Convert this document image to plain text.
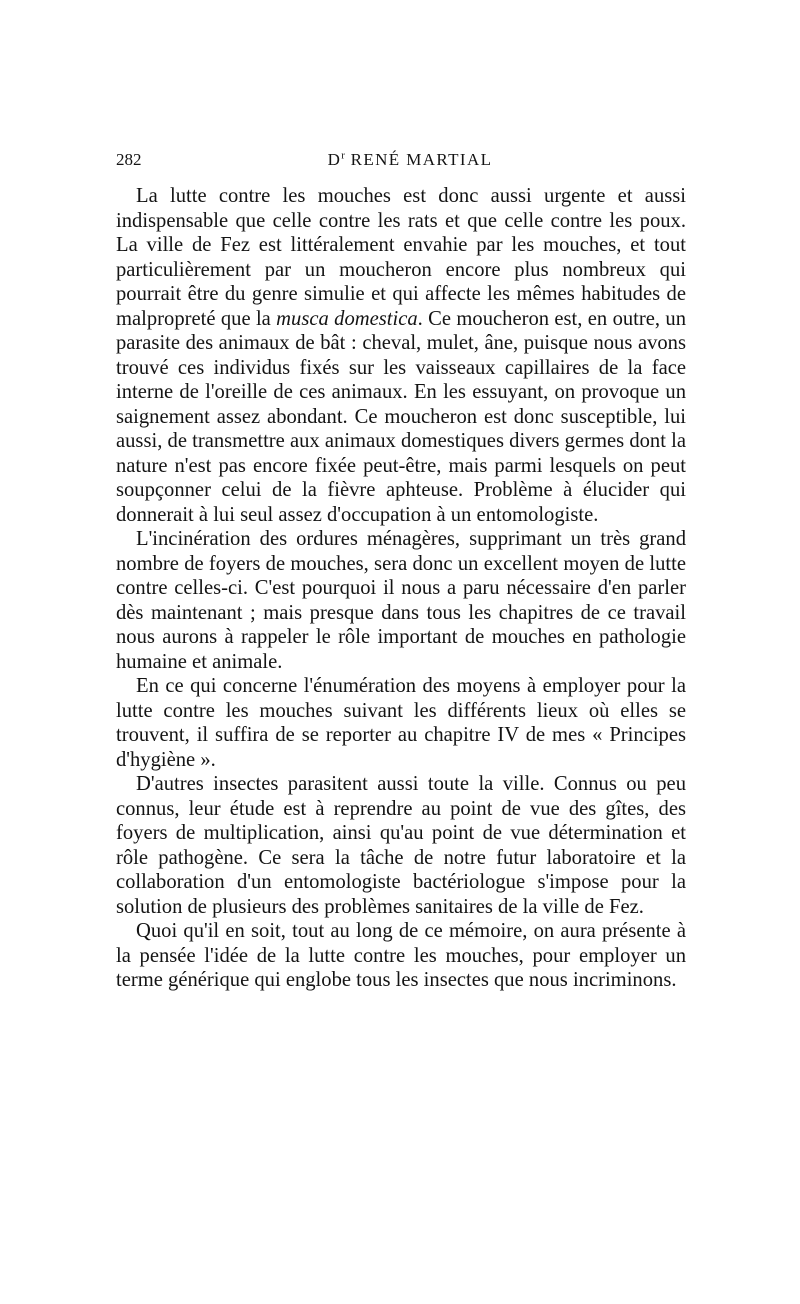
282	$D^r$ RENÉ MARTIAL

La lutte contre les mouches est donc aussi urgente et aussi indispensable que celle contre les rats et que celle contre les poux. La ville de Fez est littéralement envahie par les mouches, et tout particulièrement par un moucheron encore plus nombreux qui pourrait être du genre simulie et qui affecte les mêmes habitudes de malpropreté que la musca domestica. Ce moucheron est, en outre, un parasite des animaux de bât : cheval, mulet, âne, puisque nous avons trouvé ces individus fixés sur les vaisseaux capillaires de la face interne de l'oreille de ces animaux. En les essuyant, on provoque un saignement assez abondant. Ce moucheron est donc susceptible, lui aussi, de transmettre aux animaux domestiques divers germes dont la nature n'est pas encore fixée peut-être, mais parmi lesquels on peut soupçonner celui de la fièvre aphteuse. Problème à élucider qui donnerait à lui seul assez d'occupation à un entomologiste.

L'incinération des ordures ménagères, supprimant un très grand nombre de foyers de mouches, sera donc un excellent moyen de lutte contre celles-ci. C'est pourquoi il nous a paru nécessaire d'en parler dès maintenant ; mais presque dans tous les chapitres de ce travail nous aurons à rappeler le rôle important de mouches en pathologie humaine et animale.

En ce qui concerne l'énumération des moyens à employer pour la lutte contre les mouches suivant les différents lieux où elles se trouvent, il suffira de se reporter au chapitre IV de mes « Principes d'hygiène ».

D'autres insectes parasitent aussi toute la ville. Connus ou peu connus, leur étude est à reprendre au point de vue des gîtes, des foyers de multiplication, ainsi qu'au point de vue détermination et rôle pathogène. Ce sera la tâche de notre futur laboratoire et la collaboration d'un entomologiste bactériologue s'impose pour la solution de plusieurs des problèmes sanitaires de la ville de Fez.

Quoi qu'il en soit, tout au long de ce mémoire, on aura présente à la pensée l'idée de la lutte contre les mouches, pour employer un terme générique qui englobe tous les insectes que nous incriminons.
